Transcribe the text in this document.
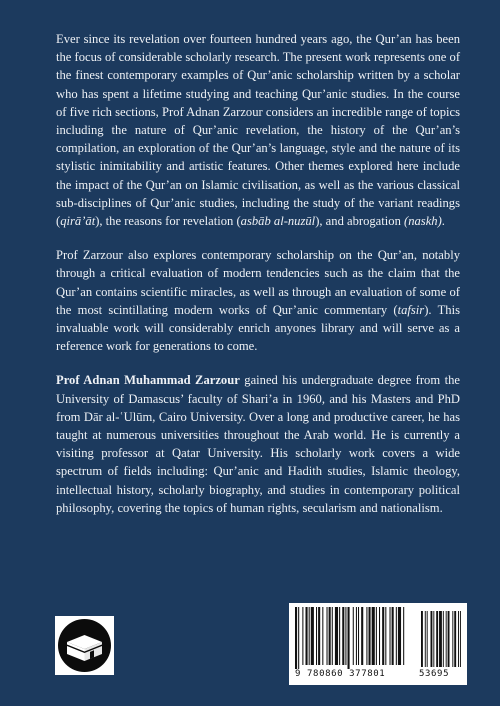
Ever since its revelation over fourteen hundred years ago, the Qur’an has been the focus of considerable scholarly research. The present work represents one of the finest contemporary examples of Qur’anic scholarship written by a scholar who has spent a lifetime studying and teaching Qur’anic studies. In the course of five rich sections, Prof Adnan Zarzour considers an incredible range of topics including the nature of Qur’anic revelation, the history of the Qur’an’s compilation, an exploration of the Qur’an’s language, style and the nature of its stylistic inimitability and artistic features. Other themes explored here include the impact of the Qur’an on Islamic civilisation, as well as the various classical sub-disciplines of Qur’anic studies, including the study of the variant readings (qirā’āt), the reasons for revelation (asbāb al-nuzūl), and abrogation (naskh).

Prof Zarzour also explores contemporary scholarship on the Qur’an, notably through a critical evaluation of modern tendencies such as the claim that the Qur’an contains scientific miracles, as well as through an evaluation of some of the most scintillating modern works of Qur’anic commentary (tafsir). This invaluable work will considerably enrich anyones library and will serve as a reference work for generations to come.

Prof Adnan Muhammad Zarzour gained his undergraduate degree from the University of Damascus’ faculty of Shari’a in 1960, and his Masters and PhD from Dār al-ʿUlūm, Cairo University. Over a long and productive career, he has taught at numerous universities throughout the Arab world. He is currently a visiting professor at Qatar University. His scholarly work covers a wide spectrum of fields including: Qur’anic and Hadith studies, Islamic theology, intellectual history, scholarly biography, and studies in contemporary political philosophy, covering the topics of human rights, secularism and nationalism.

9 780860 377801	53695
